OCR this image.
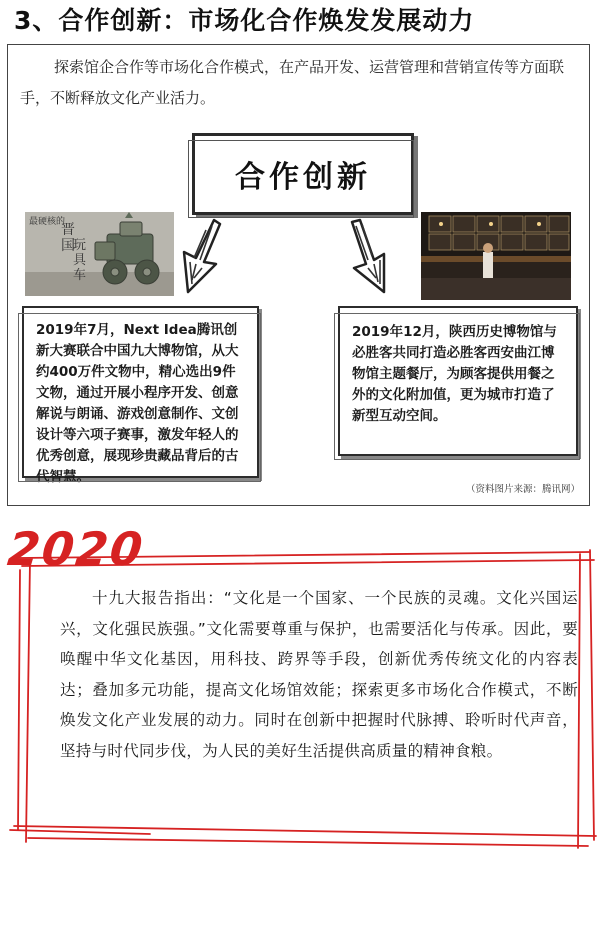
3、合作创新：市场化合作焕发发展动力
探索馆企合作等市场化合作模式，在产品开发、运营管理和营销宣传等方面联手，不断释放文化产业活力。
合作创新
最硬核的
晋国
玩具车
2019年7月，Next Idea腾讯创新大赛联合中国九大博物馆，从大约400万件文物中，精心选出9件文物，通过开展小程序开发、创意解说与朗诵、游戏创意制作、文创设计等六项子赛事，激发年轻人的优秀创意，展现珍贵藏品背后的古代智慧。
2019年12月，陕西历史博物馆与必胜客共同打造必胜客西安曲江博物馆主题餐厅，为顾客提供用餐之外的文化附加值，更为城市打造了新型互动空间。
（资料图片来源：腾讯网）
2020
十九大报告指出：“文化是一个国家、一个民族的灵魂。文化兴国运兴，文化强民族强。”文化需要尊重与保护，也需要活化与传承。因此，要唤醒中华文化基因，用科技、跨界等手段，创新优秀传统文化的内容表达；叠加多元功能，提高文化场馆效能；探索更多市场化合作模式，不断焕发文化产业发展的动力。同时在创新中把握时代脉搏、聆听时代声音，坚持与时代同步伐，为人民的美好生活提供高质量的精神食粮。
